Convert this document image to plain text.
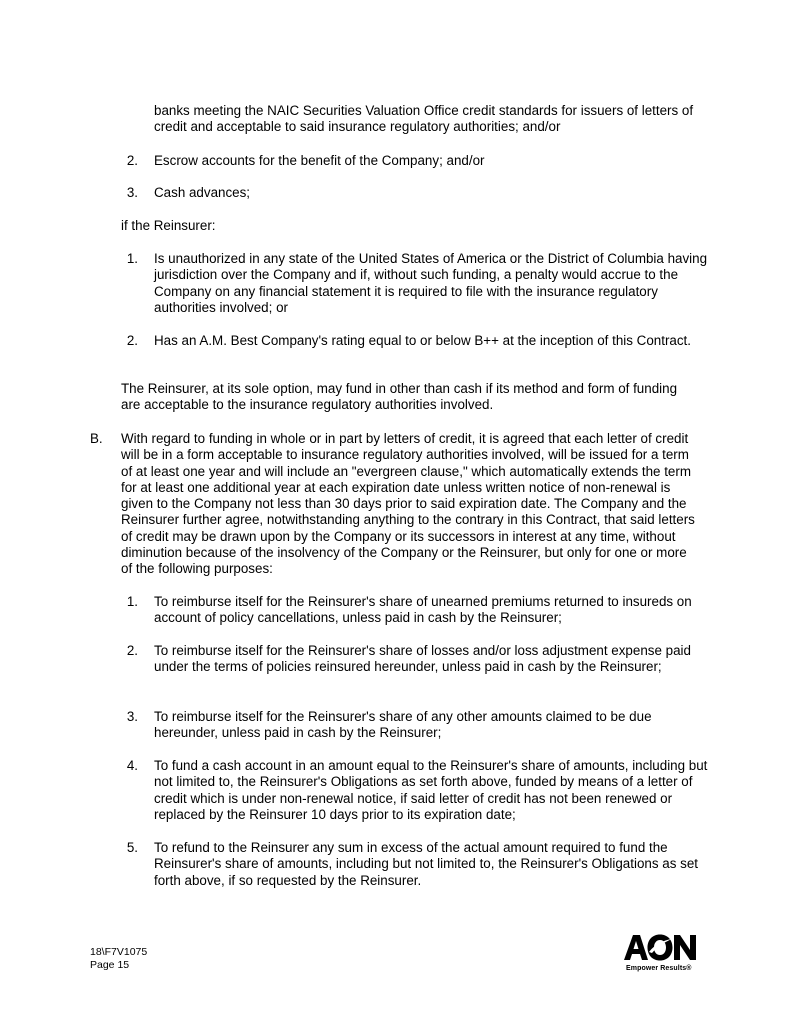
banks meeting the NAIC Securities Valuation Office credit standards for issuers of letters of credit and acceptable to said insurance regulatory authorities; and/or
2. Escrow accounts for the benefit of the Company; and/or
3. Cash advances;
if the Reinsurer:
1. Is unauthorized in any state of the United States of America or the District of Columbia having jurisdiction over the Company and if, without such funding, a penalty would accrue to the Company on any financial statement it is required to file with the insurance regulatory authorities involved; or
2. Has an A.M. Best Company's rating equal to or below B++ at the inception of this Contract.
The Reinsurer, at its sole option, may fund in other than cash if its method and form of funding are acceptable to the insurance regulatory authorities involved.
B. With regard to funding in whole or in part by letters of credit, it is agreed that each letter of credit will be in a form acceptable to insurance regulatory authorities involved, will be issued for a term of at least one year and will include an "evergreen clause," which automatically extends the term for at least one additional year at each expiration date unless written notice of non-renewal is given to the Company not less than 30 days prior to said expiration date. The Company and the Reinsurer further agree, notwithstanding anything to the contrary in this Contract, that said letters of credit may be drawn upon by the Company or its successors in interest at any time, without diminution because of the insolvency of the Company or the Reinsurer, but only for one or more of the following purposes:
1. To reimburse itself for the Reinsurer's share of unearned premiums returned to insureds on account of policy cancellations, unless paid in cash by the Reinsurer;
2. To reimburse itself for the Reinsurer's share of losses and/or loss adjustment expense paid under the terms of policies reinsured hereunder, unless paid in cash by the Reinsurer;
3. To reimburse itself for the Reinsurer's share of any other amounts claimed to be due hereunder, unless paid in cash by the Reinsurer;
4. To fund a cash account in an amount equal to the Reinsurer's share of amounts, including but not limited to, the Reinsurer's Obligations as set forth above, funded by means of a letter of credit which is under non-renewal notice, if said letter of credit has not been renewed or replaced by the Reinsurer 10 days prior to its expiration date;
5. To refund to the Reinsurer any sum in excess of the actual amount required to fund the Reinsurer's share of amounts, including but not limited to, the Reinsurer's Obligations as set forth above, if so requested by the Reinsurer.
18\F7V1075
Page 15	Empower Results®
